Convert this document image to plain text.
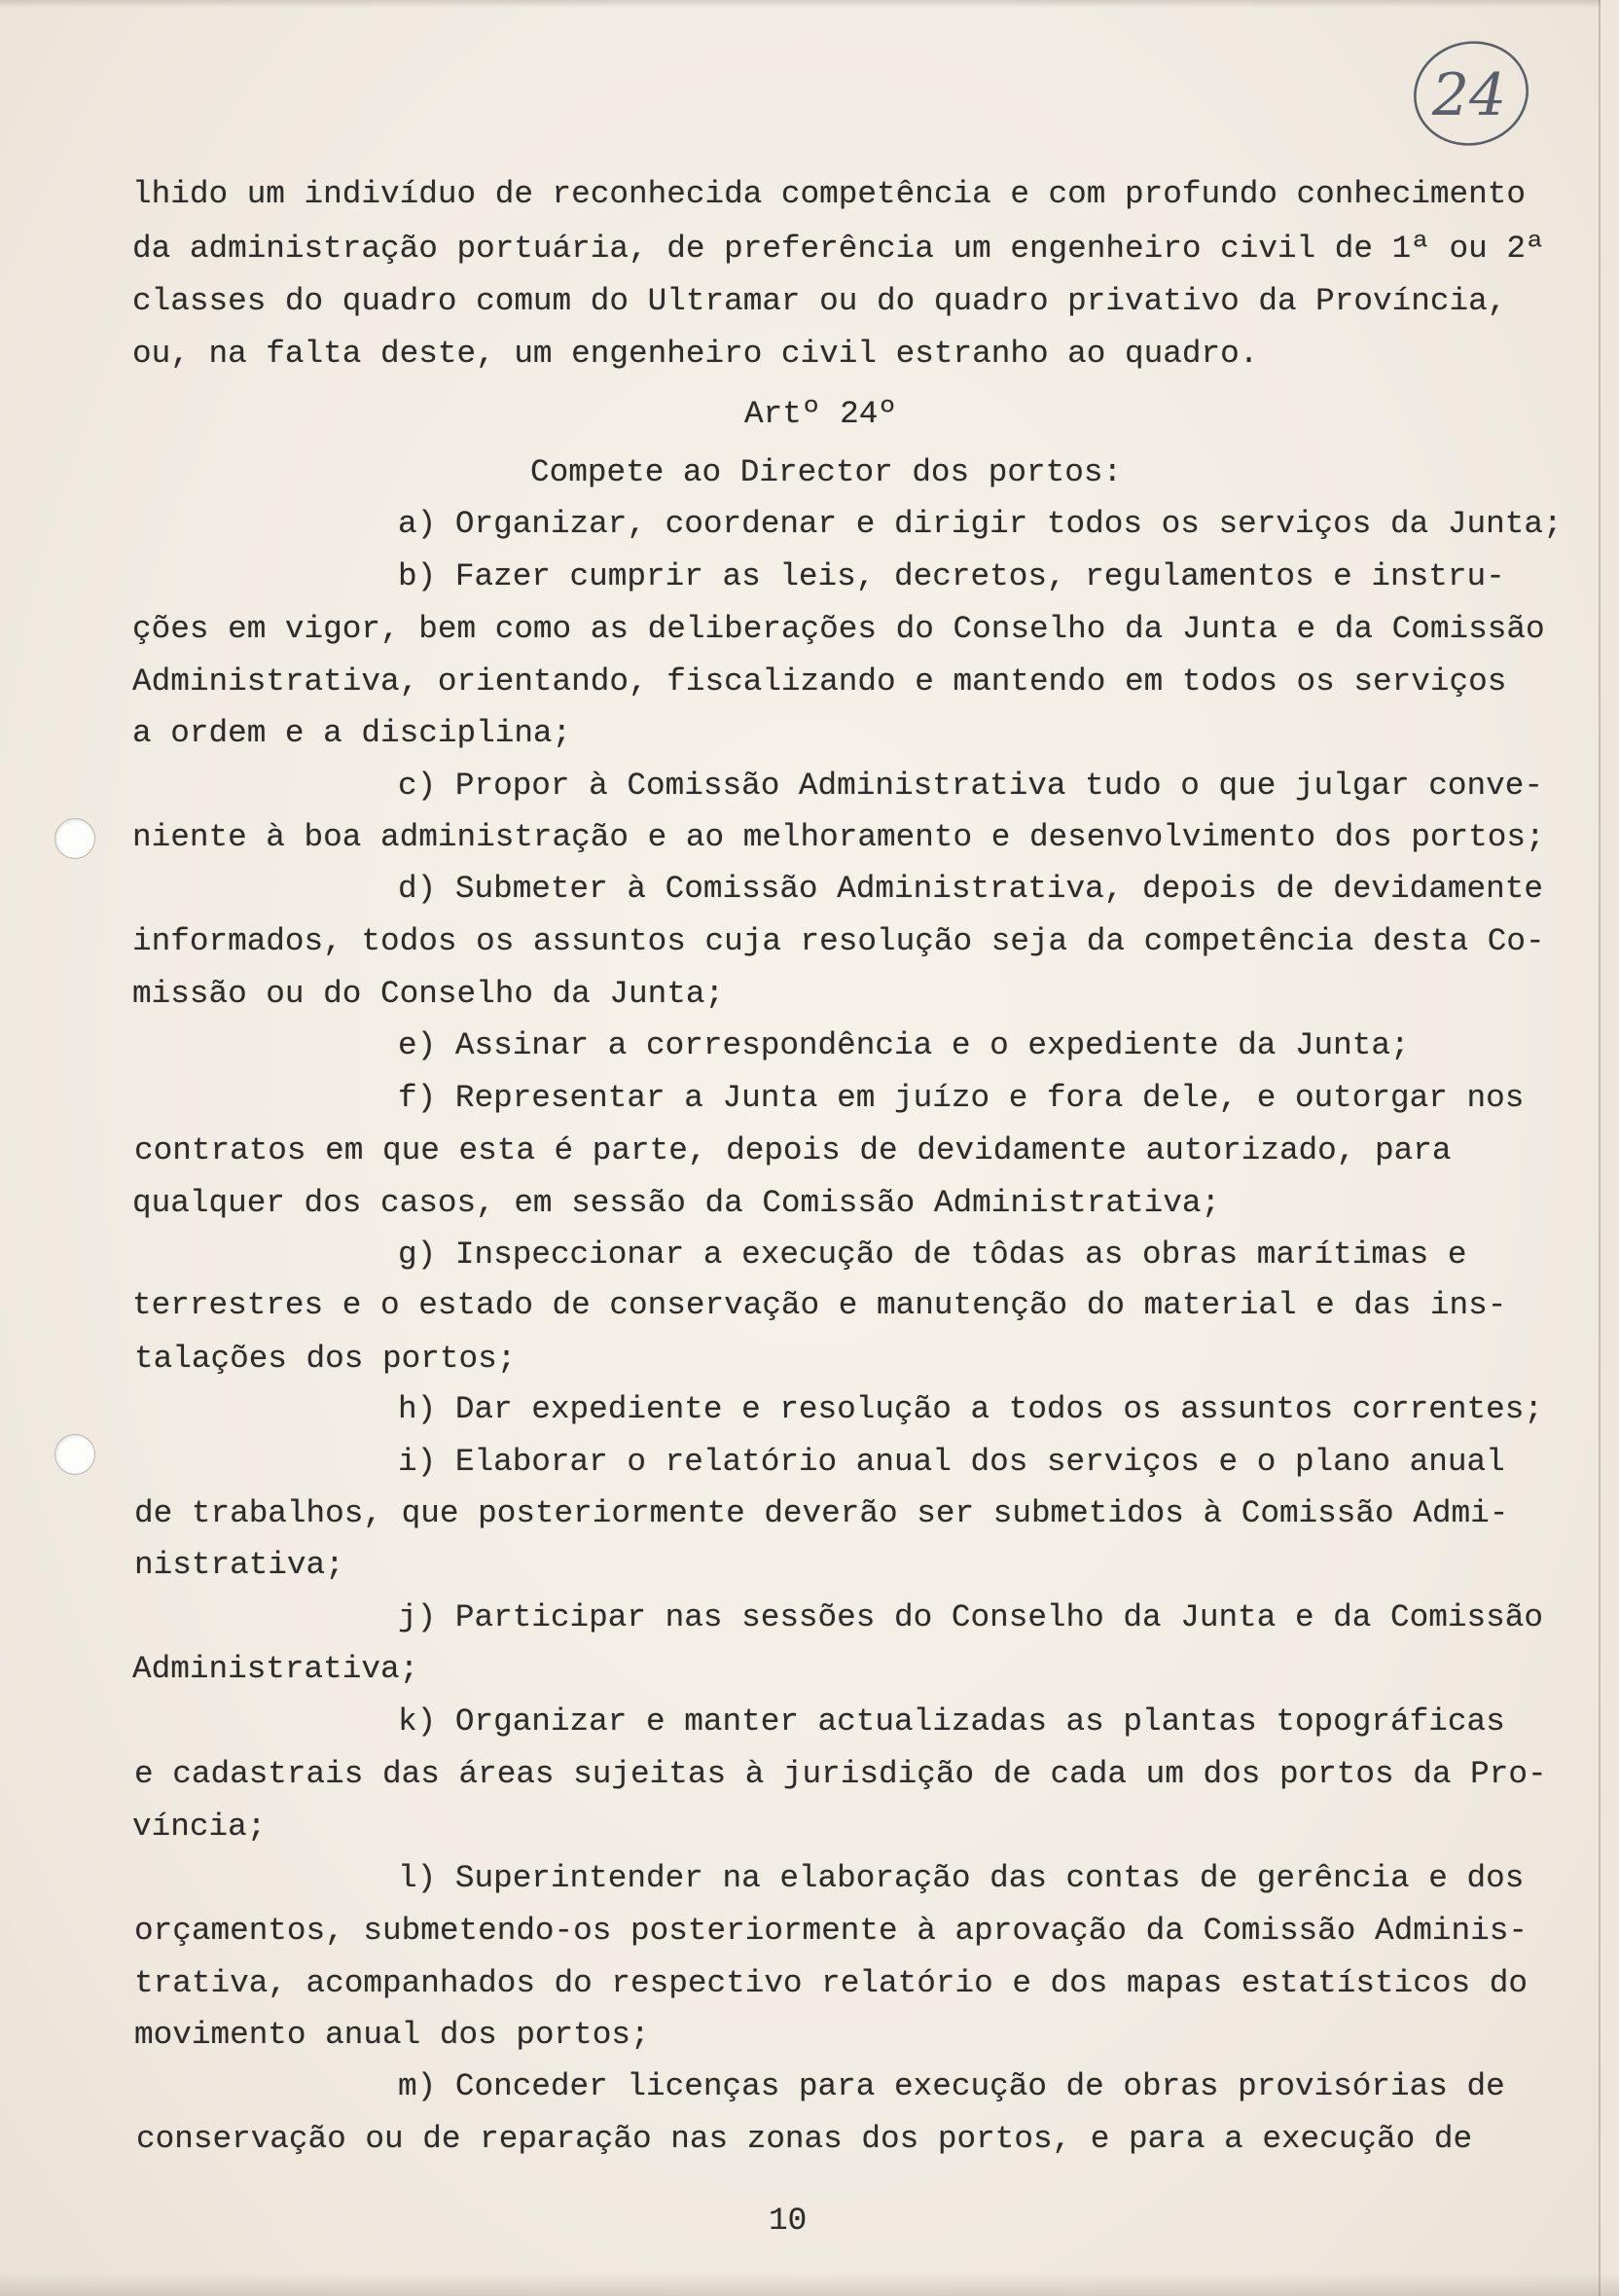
24
lhido um indivíduo de reconhecida competência e com profundo conhecimento
da administração portuária, de preferência um engenheiro civil de 1ª ou 2ª
classes do quadro comum do Ultramar ou do quadro privativo da Província,
ou, na falta deste, um engenheiro civil estranho ao quadro.
Artº 24º
Compete ao Director dos portos:
a) Organizar, coordenar e dirigir todos os serviços da Junta;
b) Fazer cumprir as leis, decretos, regulamentos e instru-
ções em vigor, bem como as deliberações do Conselho da Junta e da Comissão
Administrativa, orientando, fiscalizando e mantendo em todos os serviços
a ordem e a disciplina;
c) Propor à Comissão Administrativa tudo o que julgar conve-
niente à boa administração e ao melhoramento e desenvolvimento dos portos;
d) Submeter à Comissão Administrativa, depois de devidamente
informados, todos os assuntos cuja resolução seja da competência desta Co-
missão ou do Conselho da Junta;
e) Assinar a correspondência e o expediente da Junta;
f) Representar a Junta em juízo e fora dele, e outorgar nos
contratos em que esta é parte, depois de devidamente autorizado, para
qualquer dos casos, em sessão da Comissão Administrativa;
g) Inspeccionar a execução de tôdas as obras marítimas e
terrestres e o estado de conservação e manutenção do material e das ins-
talações dos portos;
h) Dar expediente e resolução a todos os assuntos correntes;
i) Elaborar o relatório anual dos serviços e o plano anual
de trabalhos, que posteriormente deverão ser submetidos à Comissão Admi-
nistrativa;
j) Participar nas sessões do Conselho da Junta e da Comissão
Administrativa;
k) Organizar e manter actualizadas as plantas topográficas
e cadastrais das áreas sujeitas à jurisdição de cada um dos portos da Pro-
víncia;
l) Superintender na elaboração das contas de gerência e dos
orçamentos, submetendo-os posteriormente à aprovação da Comissão Adminis-
trativa, acompanhados do respectivo relatório e dos mapas estatísticos do
movimento anual dos portos;
m) Conceder licenças para execução de obras provisórias de
conservação ou de reparação nas zonas dos portos, e para a execução de
10
